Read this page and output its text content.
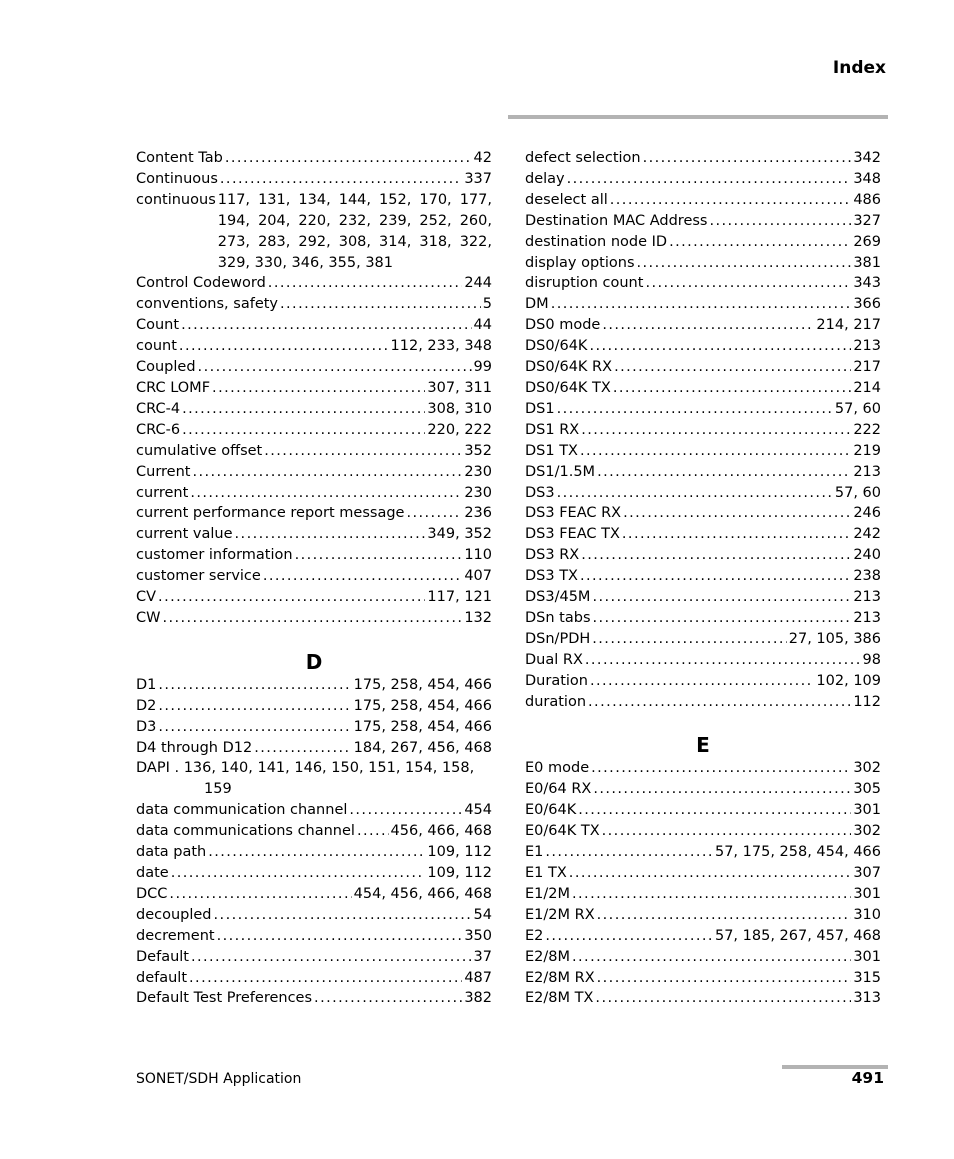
Index
Content Tab . . .	42
Continuous . . .	337
continuous 117, 131, 134, 144, 152, 170, 177, 194, 204, 220, 232, 239, 252, 260, 273, 283, 292, 308, 314, 318, 322, 329, 330, 346, 355, 381
Control Codeword . . .	244
conventions, safety . . .	5
Count . . .	44
count . . .	112, 233, 348
Coupled . . .	99
CRC LOMF . . .	307, 311
CRC-4 . . .	308, 310
CRC-6 . . .	220, 222
cumulative offset . . .	352
Current . . .	230
current . . .	230
current performance report message . . .	236
current value . . .	349, 352
customer information . . .	110
customer service . . .	407
CV . . .	117, 121
CW . . .	132
D
D1 . . .	175, 258, 454, 466
D2 . . .	175, 258, 454, 466
D3 . . .	175, 258, 454, 466
D4 through D12 . . .	184, 267, 456, 468
DAPI . 136, 140, 141, 146, 150, 151, 154, 158, 159
data communication channel . . .	454
data communications channel . . . 456, 466, 468
data path . . .	109, 112
date . . .	109, 112
DCC . . .	454, 456, 466, 468
decoupled . . .	54
decrement . . .	350
Default . . .	37
default . . .	487
Default Test Preferences . . .	382
defect selection . . .	342
delay . . .	348
deselect all . . .	486
Destination MAC Address . . .	327
destination node ID . . .	269
display options . . .	381
disruption count . . .	343
DM . . .	366
DS0 mode . . .	214, 217
DS0/64K . . .	213
DS0/64K RX . . .	217
DS0/64K TX . . .	214
DS1 . . .	57, 60
DS1 RX . . .	222
DS1 TX . . .	219
DS1/1.5M . . .	213
DS3 . . .	57, 60
DS3 FEAC RX . . .	246
DS3 FEAC TX . . .	242
DS3 RX . . .	240
DS3 TX . . .	238
DS3/45M . . .	213
DSn tabs . . .	213
DSn/PDH . . .	27, 105, 386
Dual RX . . .	98
Duration . . .	102, 109
duration . . .	112
E
E0 mode . . .	302
E0/64 RX . . .	305
E0/64K . . .	301
E0/64K TX . . .	302
E1 . . .	57, 175, 258, 454, 466
E1 TX . . .	307
E1/2M . . .	301
E1/2M RX . . .	310
E2 . . .	57, 185, 267, 457, 468
E2/8M . . .	301
E2/8M RX . . .	315
E2/8M TX . . .	313
SONET/SDH Application	491
